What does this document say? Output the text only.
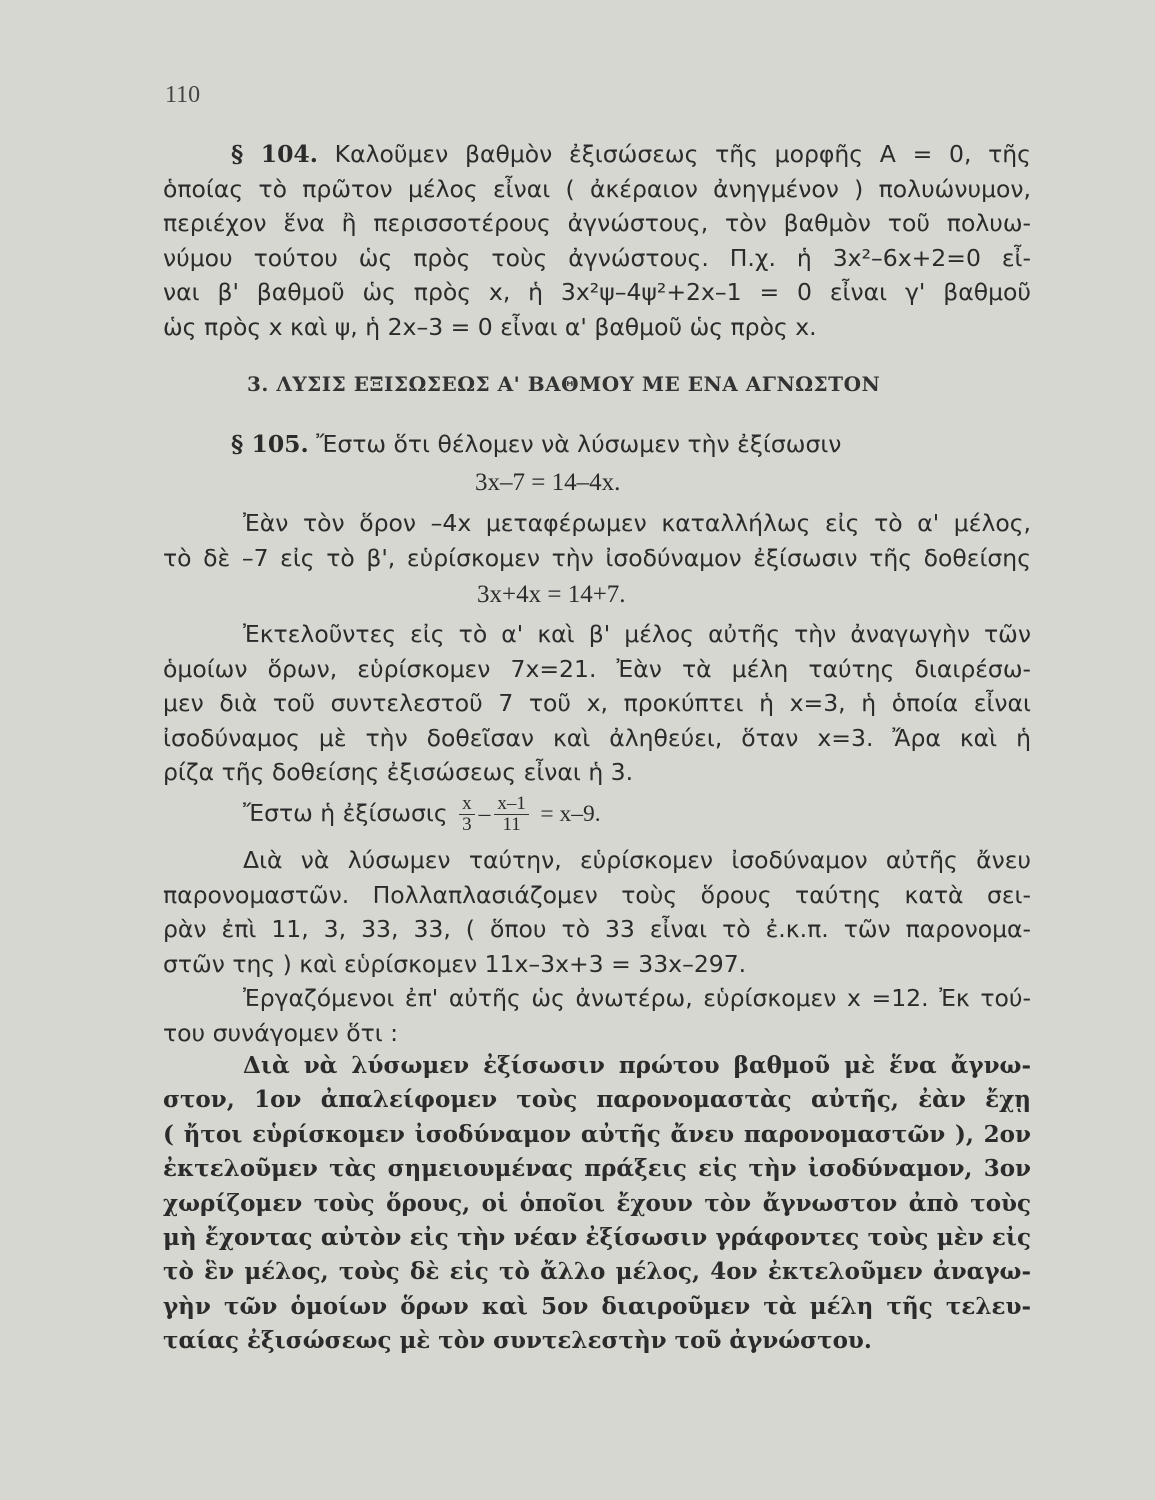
110
§ 104. Καλοῦμεν βαθμὸν ἐξισώσεως τῆς μορφῆς Α = 0, τῆς
ὁποίας τὸ πρῶτον μέλος εἶναι ( ἀκέραιον ἀνηγμένον ) πολυώνυμον,
περιέχον ἕνα ἢ περισσοτέρους ἀγνώστους, τὸν βαθμὸν τοῦ πολυω-
νύμου τούτου ὡς πρὸς τοὺς ἀγνώστους. Π.χ. ἡ 3x²–6x+2=0 εἶ-
ναι β' βαθμοῦ ὡς πρὸς x, ἡ 3x²ψ–4ψ²+2x–1 = 0 εἶναι γ' βαθμοῦ
ὡς πρὸς x καὶ ψ, ἡ 2x–3 = 0 εἶναι α' βαθμοῦ ὡς πρὸς x.
3. ΛΥΣΙΣ ΕΞΙΣΩΣΕΩΣ Α' ΒΑΘΜΟΥ ΜΕ ΕΝΑ ΑΓΝΩΣΤΟΝ
§ 105. Ἔστω ὅτι θέλομεν νὰ λύσωμεν τὴν ἐξίσωσιν
3x–7 = 14–4x.
Ἐὰν τὸν ὅρον –4x μεταφέρωμεν καταλλήλως εἰς τὸ α' μέλος,
τὸ δὲ –7 εἰς τὸ β', εὑρίσκομεν τὴν ἰσοδύναμον ἐξίσωσιν τῆς δοθείσης
3x+4x = 14+7.
Ἐκτελοῦντες εἰς τὸ α' καὶ β' μέλος αὐτῆς τὴν ἀναγωγὴν τῶν
ὁμοίων ὅρων, εὑρίσκομεν 7x=21. Ἐὰν τὰ μέλη ταύτης διαιρέσω-
μεν διὰ τοῦ συντελεστοῦ 7 τοῦ x, προκύπτει ἡ x=3, ἡ ὁποία εἶναι
ἰσοδύναμος μὲ τὴν δοθεῖσαν καὶ ἀληθεύει, ὅταν x=3. Ἄρα καὶ ἡ
ρίζα τῆς δοθείσης ἐξισώσεως εἶναι ἡ 3.
Ἔστω ἡ ἐξίσωσις $\frac{x}{3} - \frac{x-1}{11} = x-9$.
Διὰ νὰ λύσωμεν ταύτην, εὑρίσκομεν ἰσοδύναμον αὐτῆς ἄνευ
παρονομαστῶν. Πολλαπλασιάζομεν τοὺς ὅρους ταύτης κατὰ σει-
ρὰν ἐπὶ 11, 3, 33, 33, ( ὅπου τὸ 33 εἶναι τὸ ἐ.κ.π. τῶν παρονομα-
στῶν της ) καὶ εὑρίσκομεν 11x–3x+3 = 33x–297.
Ἐργαζόμενοι ἐπ' αὐτῆς ὡς ἀνωτέρω, εὑρίσκομεν x =12. Ἐκ τού-
του συνάγομεν ὅτι :
Διὰ νὰ λύσωμεν ἐξίσωσιν πρώτου βαθμοῦ μὲ ἕνα ἄγνω-
στον, 1ον ἀπαλείφομεν τοὺς παρονομαστὰς αὐτῆς, ἐὰν ἔχῃ
( ἤτοι εὑρίσκομεν ἰσοδύναμον αὐτῆς ἄνευ παρονομαστῶν ), 2ον
ἐκτελοῦμεν τὰς σημειουμένας πράξεις εἰς τὴν ἰσοδύναμον, 3ον
χωρίζομεν τοὺς ὅρους, οἱ ὁποῖοι ἔχουν τὸν ἄγνωστον ἀπὸ τοὺς
μὴ ἔχοντας αὐτὸν εἰς τὴν νέαν ἐξίσωσιν γράφοντες τοὺς μὲν εἰς
τὸ ἓν μέλος, τοὺς δὲ εἰς τὸ ἄλλο μέλος, 4ον ἐκτελοῦμεν ἀναγω-
γὴν τῶν ὁμοίων ὅρων καὶ 5ον διαιροῦμεν τὰ μέλη τῆς τελευ-
ταίας ἐξισώσεως μὲ τὸν συντελεστὴν τοῦ ἀγνώστου.
